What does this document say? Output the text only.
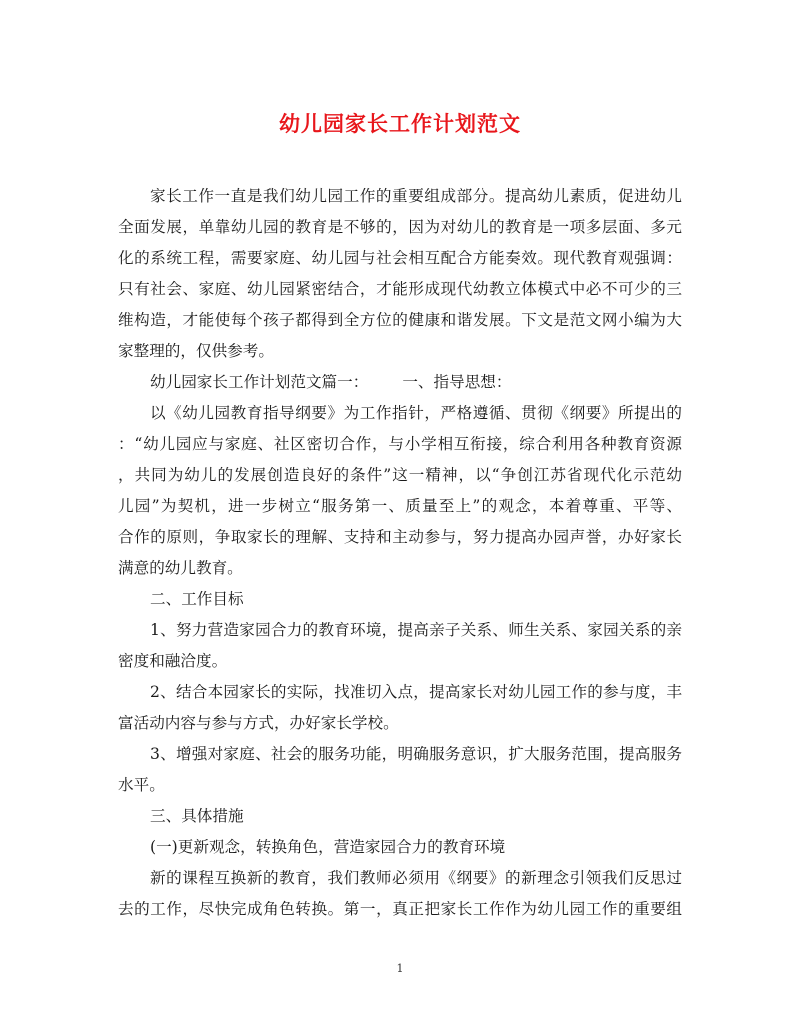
幼儿园家长工作计划范文
家长工作一直是我们幼儿园工作的重要组成部分。提高幼儿素质，促进幼儿
全面发展，单靠幼儿园的教育是不够的，因为对幼儿的教育是一项多层面、多元
化的系统工程，需要家庭、幼儿园与社会相互配合方能奏效。现代教育观强调：
只有社会、家庭、幼儿园紧密结合，才能形成现代幼教立体模式中必不可少的三
维构造，才能使每个孩子都得到全方位的健康和谐发展。下文是范文网小编为大
家整理的，仅供参考。
幼儿园家长工作计划范文篇一： 一、指导思想：
以《幼儿园教育指导纲要》为工作指针，严格遵循、贯彻《纲要》所提出的
：“幼儿园应与家庭、社区密切合作，与小学相互衔接，综合利用各种教育资源
，共同为幼儿的发展创造良好的条件”这一精神，以“争创江苏省现代化示范幼
儿园”为契机，进一步树立“服务第一、质量至上”的观念，本着尊重、平等、
合作的原则，争取家长的理解、支持和主动参与，努力提高办园声誉，办好家长
满意的幼儿教育。
二、工作目标
1、努力营造家园合力的教育环境，提高亲子关系、师生关系、家园关系的亲
密度和融洽度。
2、结合本园家长的实际，找准切入点，提高家长对幼儿园工作的参与度，丰
富活动内容与参与方式，办好家长学校。
3、增强对家庭、社会的服务功能，明确服务意识，扩大服务范围，提高服务
水平。
三、具体措施
(一)更新观念，转换角色，营造家园合力的教育环境
新的课程互换新的教育，我们教师必须用《纲要》的新理念引领我们反思过
去的工作，尽快完成角色转换。第一，真正把家长工作作为幼儿园工作的重要组
1
